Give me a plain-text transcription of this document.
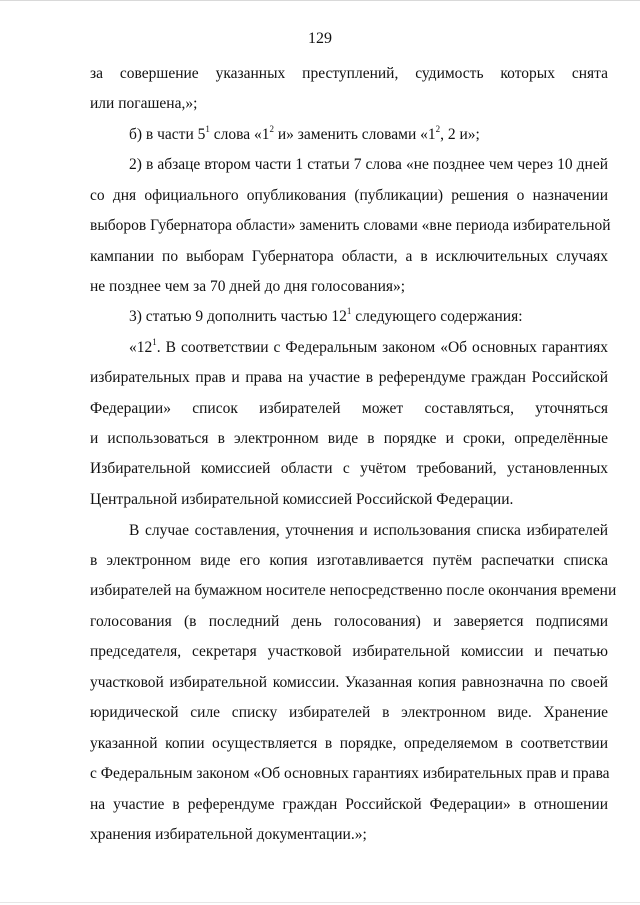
129
за совершение указанных преступлений, судимость которых снята
или погашена,»;
б) в части $5^1$ слова «$1^2$ и» заменить словами «$1^2$, 2 и»;
2) в абзаце втором части 1 статьи 7 слова «не позднее чем через 10 дней
со дня официального опубликования (публикации) решения о назначении
выборов Губернатора области» заменить словами «вне периода избирательной
кампании по выборам Губернатора области, а в исключительных случаях
не позднее чем за 70 дней до дня голосования»;
3) статью 9 дополнить частью $12^1$ следующего содержания:
«$12^1$. В соответствии с Федеральным законом «Об основных гарантиях
избирательных прав и права на участие в референдуме граждан Российской
Федерации» список избирателей может составляться, уточняться
и использоваться в электронном виде в порядке и сроки, определённые
Избирательной комиссией области с учётом требований, установленных
Центральной избирательной комиссией Российской Федерации.
В случае составления, уточнения и использования списка избирателей
в электронном виде его копия изготавливается путём распечатки списка
избирателей на бумажном носителе непосредственно после окончания времени
голосования (в последний день голосования) и заверяется подписями
председателя, секретаря участковой избирательной комиссии и печатью
участковой избирательной комиссии. Указанная копия равнозначна по своей
юридической силе списку избирателей в электронном виде. Хранение
указанной копии осуществляется в порядке, определяемом в соответствии
с Федеральным законом «Об основных гарантиях избирательных прав и права
на участие в референдуме граждан Российской Федерации» в отношении
хранения избирательной документации.»;
